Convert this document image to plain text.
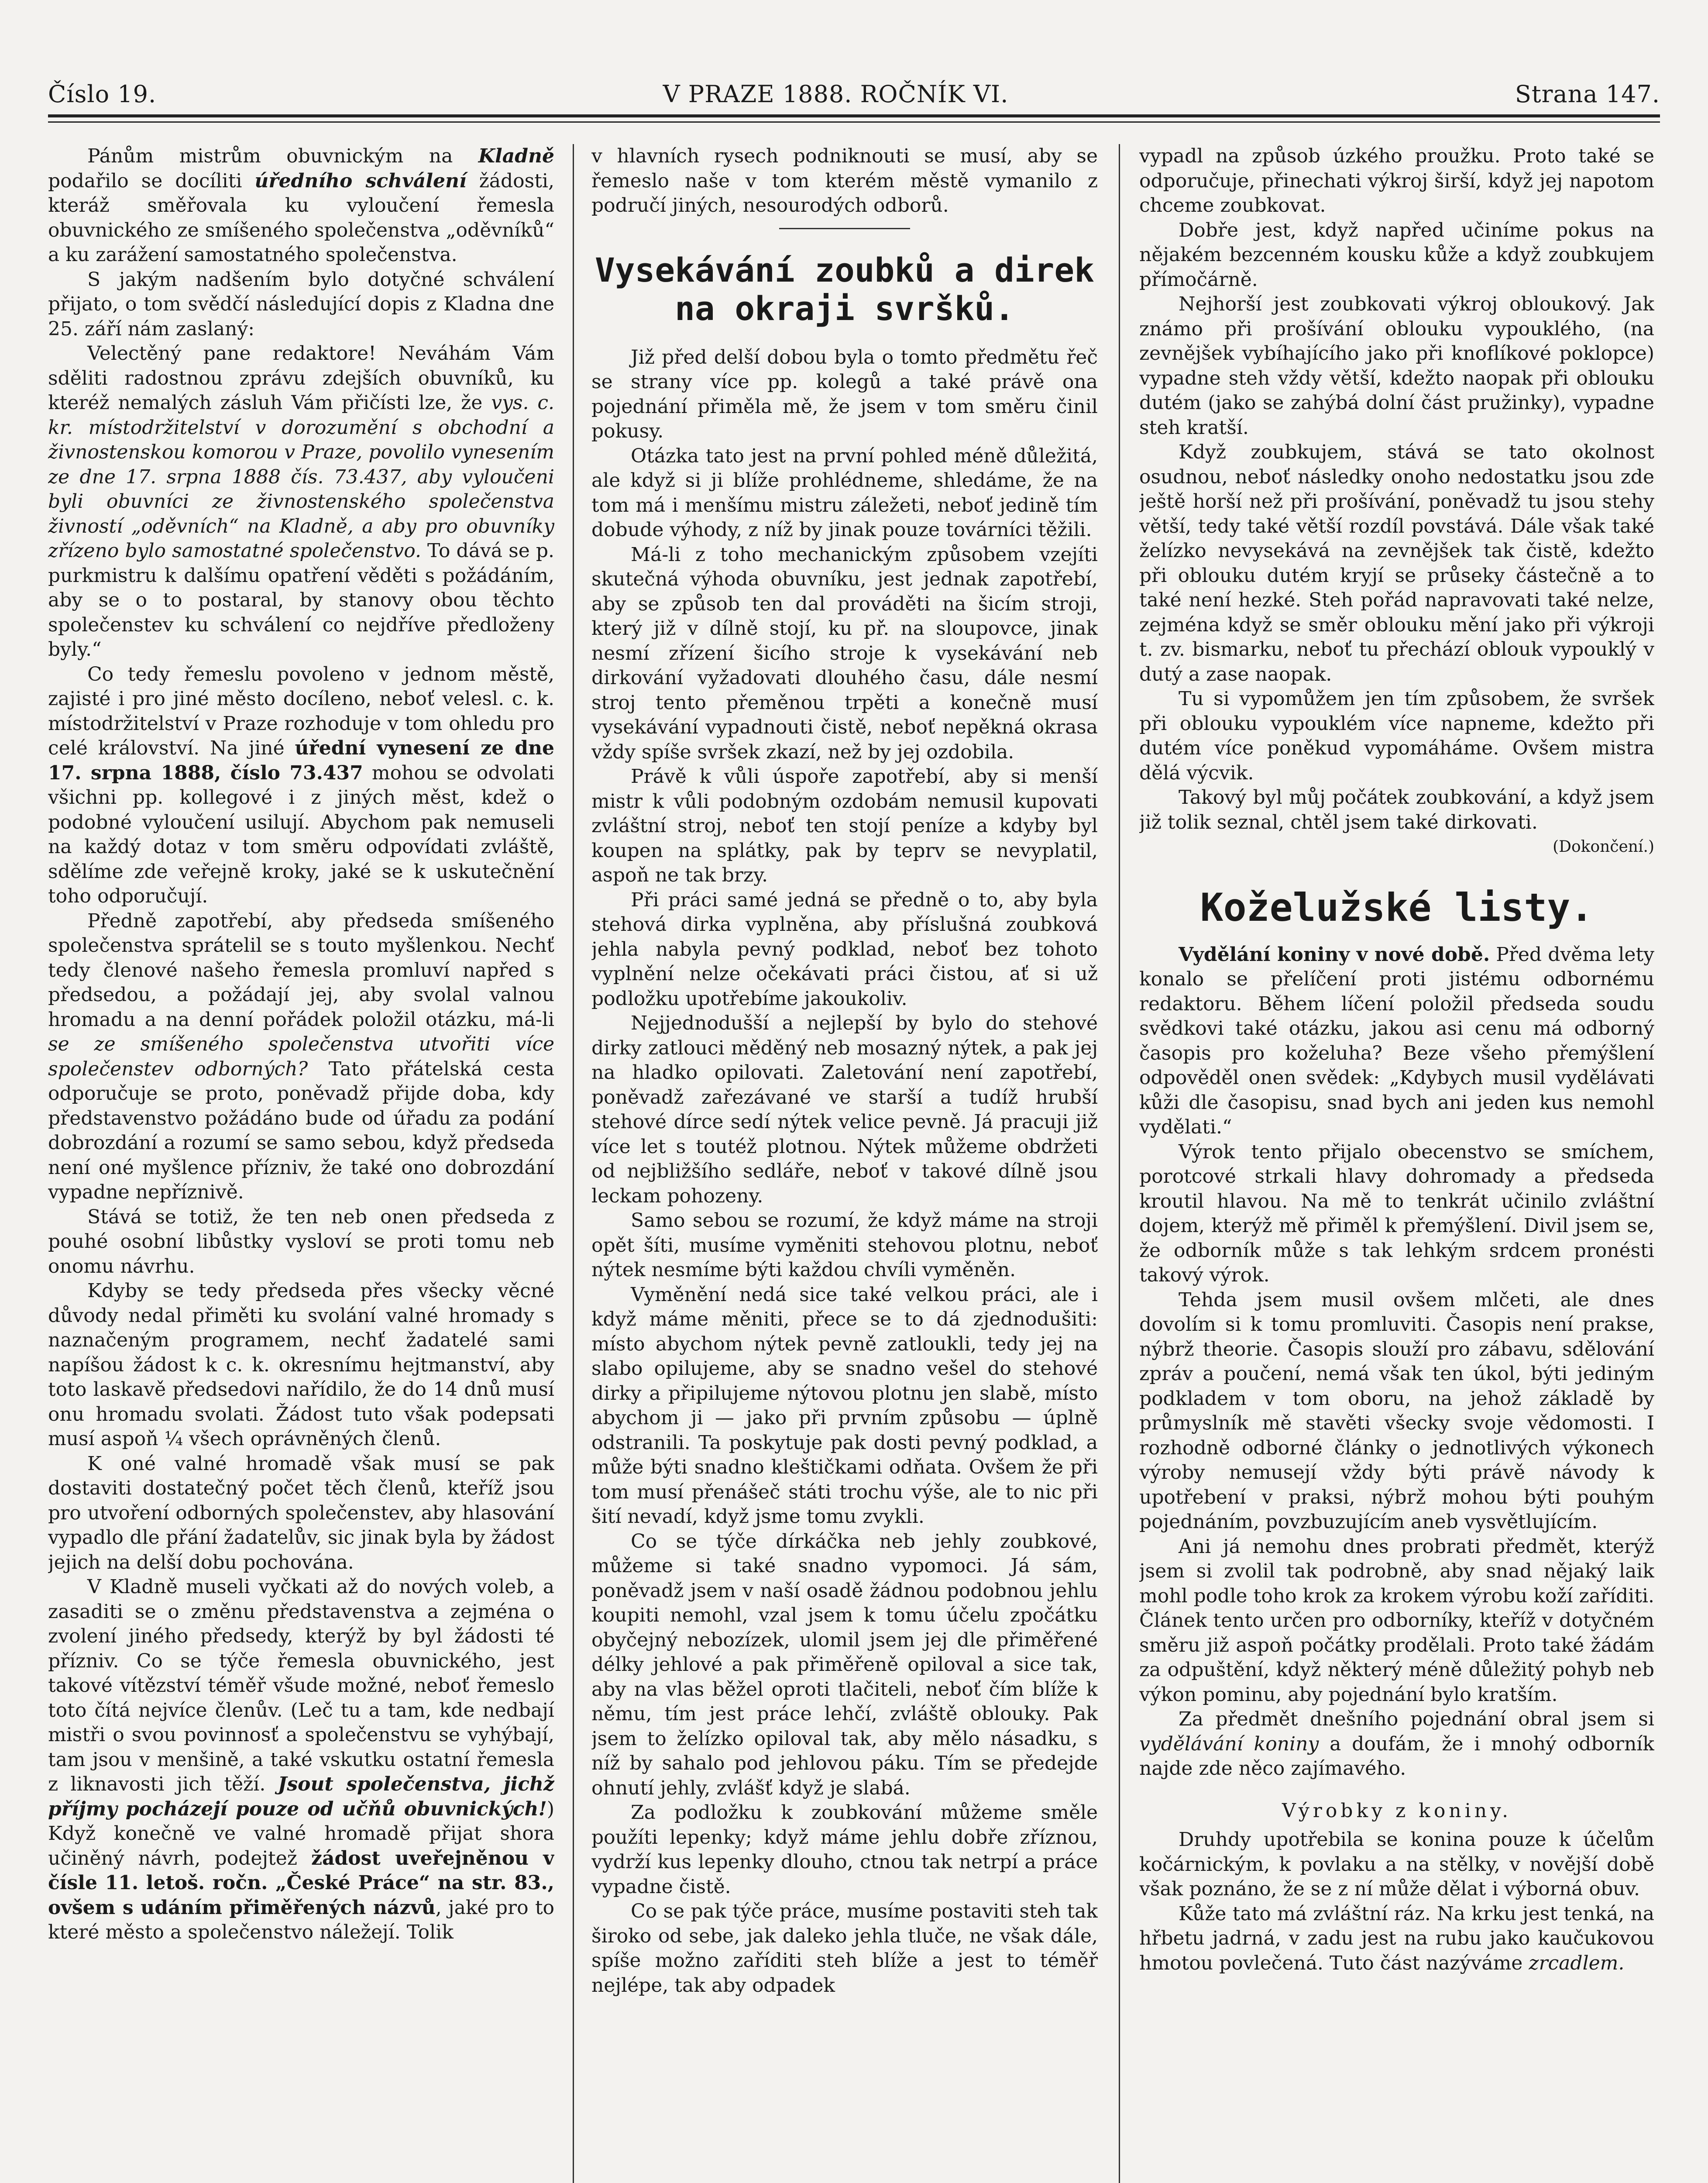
Číslo 19.	V PRAZE 1888. ROČNÍK VI.	Strana 147.

Pánům mistrům obuvnickým na Kladně podařilo se docíliti úředního schválení žádosti, kteráž směřovala ku vyloučení řemesla obuvnického ze smíšeného společenstva „oděvníků“ a ku zarážení samostatného společenstva.

S jakým nadšením bylo dotyčné schválení přijato, o tom svědčí následující dopis z Kladna dne 25. září nám zaslaný:

Velectěný pane redaktore! Neváhám Vám sděliti radostnou zprávu zdejších obuvníků, ku kteréž nemalých zásluh Vám přičísti lze, že vys. c. kr. místodržitelství v dorozumění s obchodní a živnostenskou komorou v Praze, povolilo vynesením ze dne 17. srpna 1888 čís. 73.437, aby vyloučeni byli obuvníci ze živnostenského společenstva živností „oděvních“ na Kladně, a aby pro obuvníky zřízeno bylo samostatné společenstvo. To dává se p. purkmistru k dalšímu opatření věděti s požádáním, aby se o to postaral, by stanovy obou těchto společenstev ku schválení co nejdříve předloženy byly.“

Co tedy řemeslu povoleno v jednom městě, zajisté i pro jiné město docíleno, neboť velesl. c. k. místodržitelství v Praze rozhoduje v tom ohledu pro celé království. Na jiné úřední vynesení ze dne 17. srpna 1888, číslo 73.437 mohou se odvolati všichni pp. kollegové i z jiných měst, kdež o podobné vyloučení usilují. Abychom pak nemuseli na každý dotaz v tom směru odpovídati zvláště, sdělíme zde veřejně kroky, jaké se k uskutečnění toho odporučují.

Předně zapotřebí, aby předseda smíšeného společenstva sprátelil se s touto myšlenkou. Nechť tedy členové našeho řemesla promluví napřed s předsedou, a požádají jej, aby svolal valnou hromadu a na denní pořádek položil otázku, má-li se ze smíšeného společenstva utvořiti více společenstev odborných? Tato přátelská cesta odporučuje se proto, poněvadž přijde doba, kdy představenstvo požádáno bude od úřadu za podání dobrozdání a rozumí se samo sebou, když předseda není oné myšlence přízniv, že také ono dobrozdání vypadne nepříznivě.

Stává se totiž, že ten neb onen předseda z pouhé osobní libůstky vysloví se proti tomu neb onomu návrhu.

Kdyby se tedy předseda přes všecky věcné důvody nedal přiměti ku svolání valné hromady s naznačeným programem, nechť žadatelé sami napíšou žádost k c. k. okresnímu hejtmanství, aby toto laskavě předsedovi nařídilo, že do 14 dnů musí onu hromadu svolati. Žádost tuto však podepsati musí aspoň ¼ všech oprávněných členů.

K oné valné hromadě však musí se pak dostaviti dostatečný počet těch členů, kteříž jsou pro utvoření odborných společenstev, aby hlasování vypadlo dle přání žadatelův, sic jinak byla by žádost jejich na delší dobu pochována.

V Kladně museli vyčkati až do nových voleb, a zasaditi se o změnu představenstva a zejména o zvolení jiného předsedy, kterýž by byl žádosti té přízniv. Co se týče řemesla obuvnického, jest takové vítězství téměř všude možné, neboť řemeslo toto čítá nejvíce členův. (Leč tu a tam, kde nedbají mistři o svou povinnosť a společenstvu se vyhýbají, tam jsou v menšině, a také vskutku ostatní řemesla z liknavosti jich těží. Jsout společenstva, jichž příjmy pocházejí pouze od učňů obuvnických!) Když konečně ve valné hromadě přijat shora učiněný návrh, podejtež žádost uveřejněnou v čísle 11. letoš. ročn. „České Práce“ na str. 83., ovšem s udáním přiměřených názvů, jaké pro to které město a společenstvo náležejí. Tolik

v hlavních rysech podniknouti se musí, aby se řemeslo naše v tom kterém městě vymanilo z područí jiných, nesourodých odborů.

Vysekávání zoubků a direk na okraji svršků.

Již před delší dobou byla o tomto předmětu řeč se strany více pp. kolegů a také právě ona pojednání přiměla mě, že jsem v tom směru činil pokusy.

Otázka tato jest na první pohled méně důležitá, ale když si ji blíže prohlédneme, shledáme, že na tom má i menšímu mistru záležeti, neboť jedině tím dobude výhody, z níž by jinak pouze továrníci těžili.

Má-li z toho mechanickým způsobem vzejíti skutečná výhoda obuvníku, jest jednak zapotřebí, aby se způsob ten dal prováděti na šicím stroji, který již v dílně stojí, ku př. na sloupovce, jinak nesmí zřízení šicího stroje k vysekávání neb dirkování vyžadovati dlouhého času, dále nesmí stroj tento přeměnou trpěti a konečně musí vysekávání vypadnouti čistě, neboť nepěkná okrasa vždy spíše svršek zkazí, než by jej ozdobila.

Právě k vůli úspoře zapotřebí, aby si menší mistr k vůli podobným ozdobám nemusil kupovati zvláštní stroj, neboť ten stojí peníze a kdyby byl koupen na splátky, pak by teprv se nevyplatil, aspoň ne tak brzy.

Při práci samé jedná se předně o to, aby byla stehová dirka vyplněna, aby příslušná zoubková jehla nabyla pevný podklad, neboť bez tohoto vyplnění nelze očekávati práci čistou, ať si už podložku upotřebíme jakoukoliv.

Nejjednodušší a nejlepší by bylo do stehové dirky zatlouci měděný neb mosazný nýtek, a pak jej na hladko opilovati. Zaletování není zapotřebí, poněvadž zařezávané ve starší a tudíž hrubší stehové dírce sedí nýtek velice pevně. Já pracuji již více let s toutéž plotnou. Nýtek můžeme obdržeti od nejbližšího sedláře, neboť v takové dílně jsou leckam pohozeny.

Samo sebou se rozumí, že když máme na stroji opět šíti, musíme vyměniti stehovou plotnu, neboť nýtek nesmíme býti každou chvíli vyměněn.

Vyměnění nedá sice také velkou práci, ale i když máme měniti, přece se to dá zjednodušiti: místo abychom nýtek pevně zatloukli, tedy jej na slabo opilujeme, aby se snadno vešel do stehové dirky a připilujeme nýtovou plotnu jen slabě, místo abychom ji — jako při prvním způsobu — úplně odstranili. Ta poskytuje pak dosti pevný podklad, a může býti snadno kleštičkami odňata. Ovšem že při tom musí přenášeč státi trochu výše, ale to nic při šití nevadí, když jsme tomu zvykli.

Co se týče dírkáčka neb jehly zoubkové, můžeme si také snadno vypomoci. Já sám, poněvadž jsem v naší osadě žádnou podobnou jehlu koupiti nemohl, vzal jsem k tomu účelu zpočátku obyčejný nebozízek, ulomil jsem jej dle přiměřené délky jehlové a pak přiměřeně opiloval a sice tak, aby na vlas běžel oproti tlačiteli, neboť čím blíže k němu, tím jest práce lehčí, zvláště oblouky. Pak jsem to želízko opiloval tak, aby mělo násadku, s níž by sahalo pod jehlovou páku. Tím se předejde ohnutí jehly, zvlášť když je slabá.

Za podložku k zoubkování můžeme směle použíti lepenky; když máme jehlu dobře zříznou, vydrží kus lepenky dlouho, ctnou tak netrpí a práce vypadne čistě.

Co se pak týče práce, musíme postaviti steh tak široko od sebe, jak daleko jehla tluče, ne však dále, spíše možno zaříditi steh blíže a jest to téměř nejlépe, tak aby odpadek

vypadl na způsob úzkého proužku. Proto také se odporučuje, přinechati výkroj širší, když jej napotom chceme zoubkovat.

Dobře jest, když napřed učiníme pokus na nějakém bezcenném kousku kůže a když zoubkujem přímočárně.

Nejhorší jest zoubkovati výkroj obloukový. Jak známo při prošívání oblouku vypouklého, (na zevnějšek vybíhajícího jako při knoflíkové poklopce) vypadne steh vždy větší, kdežto naopak při oblouku dutém (jako se zahýbá dolní část pružinky), vypadne steh kratší.

Když zoubkujem, stává se tato okolnost osudnou, neboť následky onoho nedostatku jsou zde ještě horší než při prošívání, poněvadž tu jsou stehy větší, tedy také větší rozdíl povstává. Dále však také želízko nevysekává na zevnějšek tak čistě, kdežto při oblouku dutém kryjí se průseky částečně a to také není hezké. Steh pořád napravovati také nelze, zejména když se směr oblouku mění jako při výkroji t. zv. bismarku, neboť tu přechází oblouk vypouklý v dutý a zase naopak.

Tu si vypomůžem jen tím způsobem, že svršek při oblouku vypouklém více napneme, kdežto při dutém více poněkud vypomáháme. Ovšem mistra dělá výcvik.

Takový byl můj počátek zoubkování, a když jsem již tolik seznal, chtěl jsem také dirkovati.

(Dokončení.)

Koželužské listy.

Vydělání koniny v nové době. Před dvěma lety konalo se přelíčení proti jistému odbornému redaktoru. Během líčení položil předseda soudu svědkovi také otázku, jakou asi cenu má odborný časopis pro koželuha? Beze všeho přemýšlení odpověděl onen svědek: „Kdybych musil vydělávati kůži dle časopisu, snad bych ani jeden kus nemohl vydělati.“

Výrok tento přijalo obecenstvo se smíchem, porotcové strkali hlavy dohromady a předseda kroutil hlavou. Na mě to tenkrát učinilo zvláštní dojem, kterýž mě přiměl k přemýšlení. Divil jsem se, že odborník může s tak lehkým srdcem pronésti takový výrok.

Tehda jsem musil ovšem mlčeti, ale dnes dovolím si k tomu promluviti. Časopis není prakse, nýbrž theorie. Časopis slouží pro zábavu, sdělování zpráv a poučení, nemá však ten úkol, býti jediným podkladem v tom oboru, na jehož základě by průmyslník mě stavěti všecky svoje vědomosti. I rozhodně odborné články o jednotlivých výkonech výroby nemusejí vždy býti právě návody k upotřebení v praksi, nýbrž mohou býti pouhým pojednáním, povzbuzujícím aneb vysvětlujícím.

Ani já nemohu dnes probrati předmět, kterýž jsem si zvolil tak podrobně, aby snad nějaký laik mohl podle toho krok za krokem výrobu koží zaříditi. Článek tento určen pro odborníky, kteříž v dotyčném směru již aspoň počátky prodělali. Proto také žádám za odpuštění, když některý méně důležitý pohyb neb výkon pominu, aby pojednání bylo kratším.

Za předmět dnešního pojednání obral jsem si vydělávání koniny a doufám, že i mnohý odborník najde zde něco zajímavého.

Výrobky z koniny.

Druhdy upotřebila se konina pouze k účelům kočárnickým, k povlaku a na stělky, v novější době však poznáno, že se z ní může dělat i výborná obuv.

Kůže tato má zvláštní ráz. Na krku jest tenká, na hřbetu jadrná, v zadu jest na rubu jako kaučukovou hmotou povlečená. Tuto část nazýváme zrcadlem.
